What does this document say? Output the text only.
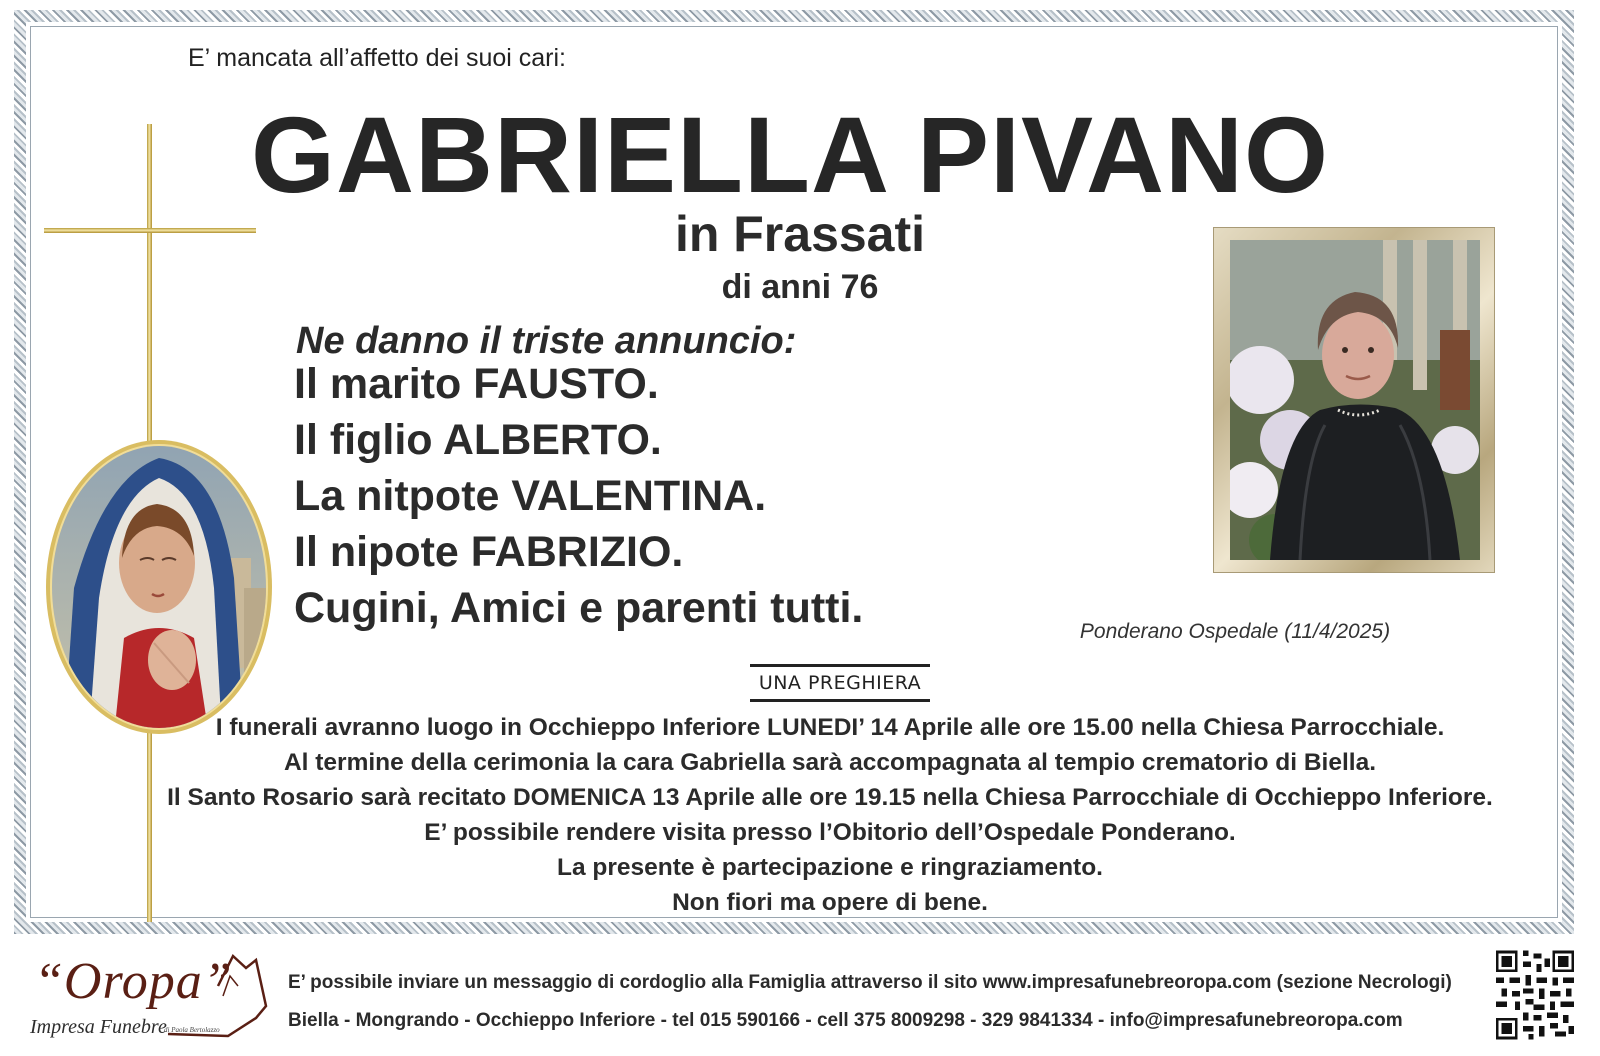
E’ mancata all’affetto dei suoi cari:
GABRIELLA PIVANO
in Frassati
di anni 76
Ne danno il triste annuncio:
Il marito FAUSTO.
Il figlio ALBERTO.
La nitpote VALENTINA.
Il nipote FABRIZIO.
Cugini, Amici e parenti tutti.	Ponderano Ospedale (11/4/2025)
UNA PREGHIERA
I funerali avranno luogo in Occhieppo Inferiore LUNEDI’ 14 Aprile alle ore 15.00 nella Chiesa Parrocchiale.
Al termine della cerimonia la cara Gabriella sarà accompagnata al tempio crematorio di Biella.
Il Santo Rosario sarà recitato DOMENICA 13 Aprile alle ore 19.15 nella Chiesa Parrocchiale di Occhieppo Inferiore.
E’ possibile rendere visita presso l’Obitorio dell’Ospedale Ponderano.
La presente è partecipazione e ringraziamento.
Non fiori ma opere di bene.
“Oropa”
Impresa Funebre
di Paola Bertolazzo
E’ possibile inviare un messaggio di cordoglio alla Famiglia attraverso il sito www.impresafunebreoropa.com (sezione Necrologi)
Biella - Mongrando - Occhieppo Inferiore - tel 015 590166 - cell 375 8009298 - 329 9841334 - info@impresafunebreoropa.com
